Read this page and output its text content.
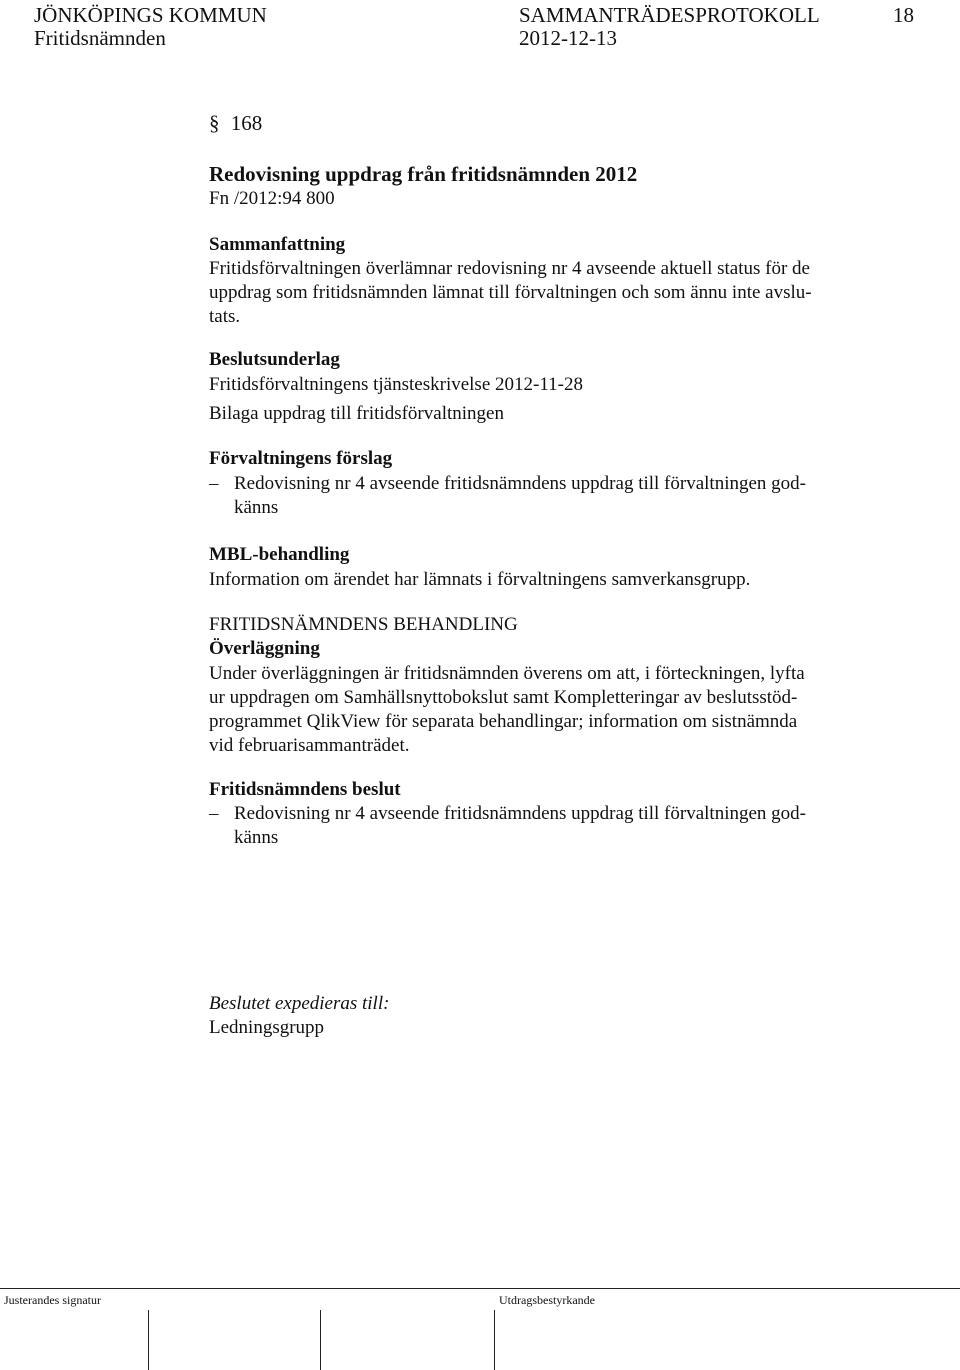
JÖNKÖPINGS KOMMUN
Fritidsnämnden
SAMMANTRÄDESPROTOKOLL
2012-12-13
18
§ 168
Redovisning uppdrag från fritidsnämnden 2012
Fn /2012:94 800
Sammanfattning
Fritidsförvaltningen överlämnar redovisning nr 4 avseende aktuell status för de
uppdrag som fritidsnämnden lämnat till förvaltningen och som ännu inte avslu-
tats.
Beslutsunderlag
Fritidsförvaltningens tjänsteskrivelse 2012-11-28
Bilaga uppdrag till fritidsförvaltningen
Förvaltningens förslag
– Redovisning nr 4 avseende fritidsnämndens uppdrag till förvaltningen god-
känns
MBL-behandling
Information om ärendet har lämnats i förvaltningens samverkansgrupp.
FRITIDSNÄMNDENS BEHANDLING
Överläggning
Under överläggningen är fritidsnämnden överens om att, i förteckningen, lyfta
ur uppdragen om Samhällsnyttobokslut samt Kompletteringar av beslutsstöd-
programmet QlikView för separata behandlingar; information om sistnämnda
vid februarisammanträdet.
Fritidsnämndens beslut
– Redovisning nr 4 avseende fritidsnämndens uppdrag till förvaltningen god-
känns
Beslutet expedieras till:
Ledningsgrupp
Justerandes signatur	Utdragsbestyrkande
